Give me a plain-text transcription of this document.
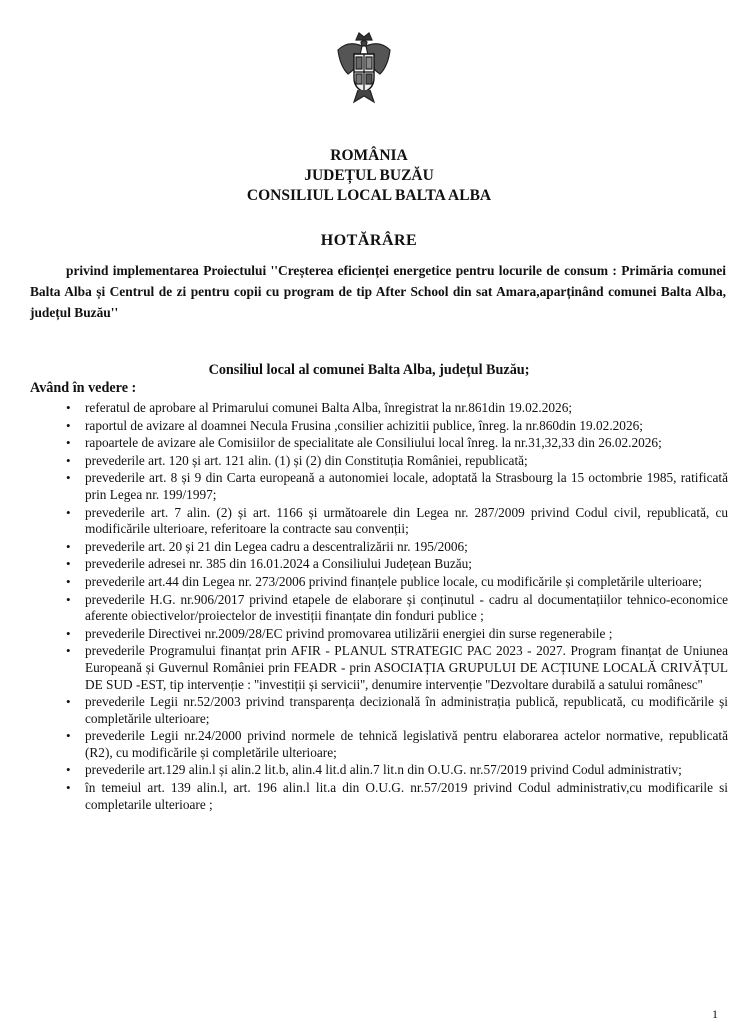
ROMÂNIA
JUDEȚUL BUZĂU
CONSILIUL LOCAL BALTA ALBA
HOTĂRÂRE
privind implementarea Proiectului ''Creșterea eficienței energetice pentru locurile de consum : Primăria comunei Balta Alba și Centrul de zi pentru copii cu program de tip After School din sat Amara,aparținând comunei Balta Alba, județul Buzău''
Consiliul local al comunei Balta Alba, județul Buzău;
Având în vedere :
• referatul de aprobare al Primarului comunei Balta Alba, înregistrat la nr.861din 19.02.2026;
• raportul de avizare al doamnei Necula Frusina ,consilier achizitii publice, înreg. la nr.860din 19.02.2026;
• rapoartele de avizare ale Comisiilor de specialitate ale Consiliului local înreg. la nr.31,32,33 din 26.02.2026;
• prevederile art. 120 și art. 121 alin. (1) și (2) din Constituția României, republicată;
• prevederile art. 8 și 9 din Carta europeană a autonomiei locale, adoptată la Strasbourg la 15 octombrie 1985, ratificată prin Legea nr. 199/1997;
• prevederile art. 7 alin. (2) și art. 1166 și următoarele din Legea nr. 287/2009 privind Codul civil, republicată, cu modificările ulterioare, referitoare la contracte sau convenții;
• prevederile art. 20 și 21 din Legea cadru a descentralizării nr. 195/2006;
• prevederile adresei nr. 385 din 16.01.2024 a Consiliului Județean Buzău;
• prevederile art.44 din Legea nr. 273/2006 privind finanțele publice locale, cu modificările și completările ulterioare;
• prevederile H.G. nr.906/2017 privind etapele de elaborare și conținutul - cadru al documentațiilor tehnico-economice aferente obiectivelor/proiectelor de investiții finanțate din fonduri publice ;
• prevederile Directivei nr.2009/28/EC privind promovarea utilizării energiei din surse regenerabile ;
• prevederile Programului finanțat prin AFIR - PLANUL STRATEGIC PAC 2023 - 2027. Program finanțat de Uniunea Europeană și Guvernul României prin FEADR - prin ASOCIAȚIA GRUPULUI DE ACȚIUNE LOCALĂ CRIVĂȚUL DE SUD -EST, tip intervenție : ''investiții și servicii'', denumire intervenție ''Dezvoltare durabilă a satului românesc''
• prevederile Legii nr.52/2003 privind transparența decizională în administrația publică, republicată, cu modificările și completările ulterioare;
• prevederile Legii nr.24/2000 privind normele de tehnică legislativă pentru elaborarea actelor normative, republicată (R2), cu modificările și completările ulterioare;
• prevederile art.129 alin.l și alin.2 lit.b, alin.4 lit.d alin.7 lit.n din O.U.G. nr.57/2019 privind Codul administrativ;
• în temeiul art. 139 alin.l, art. 196 alin.l lit.a din O.U.G. nr.57/2019 privind Codul administrativ,cu modificarile si completarile ulterioare ;
1
